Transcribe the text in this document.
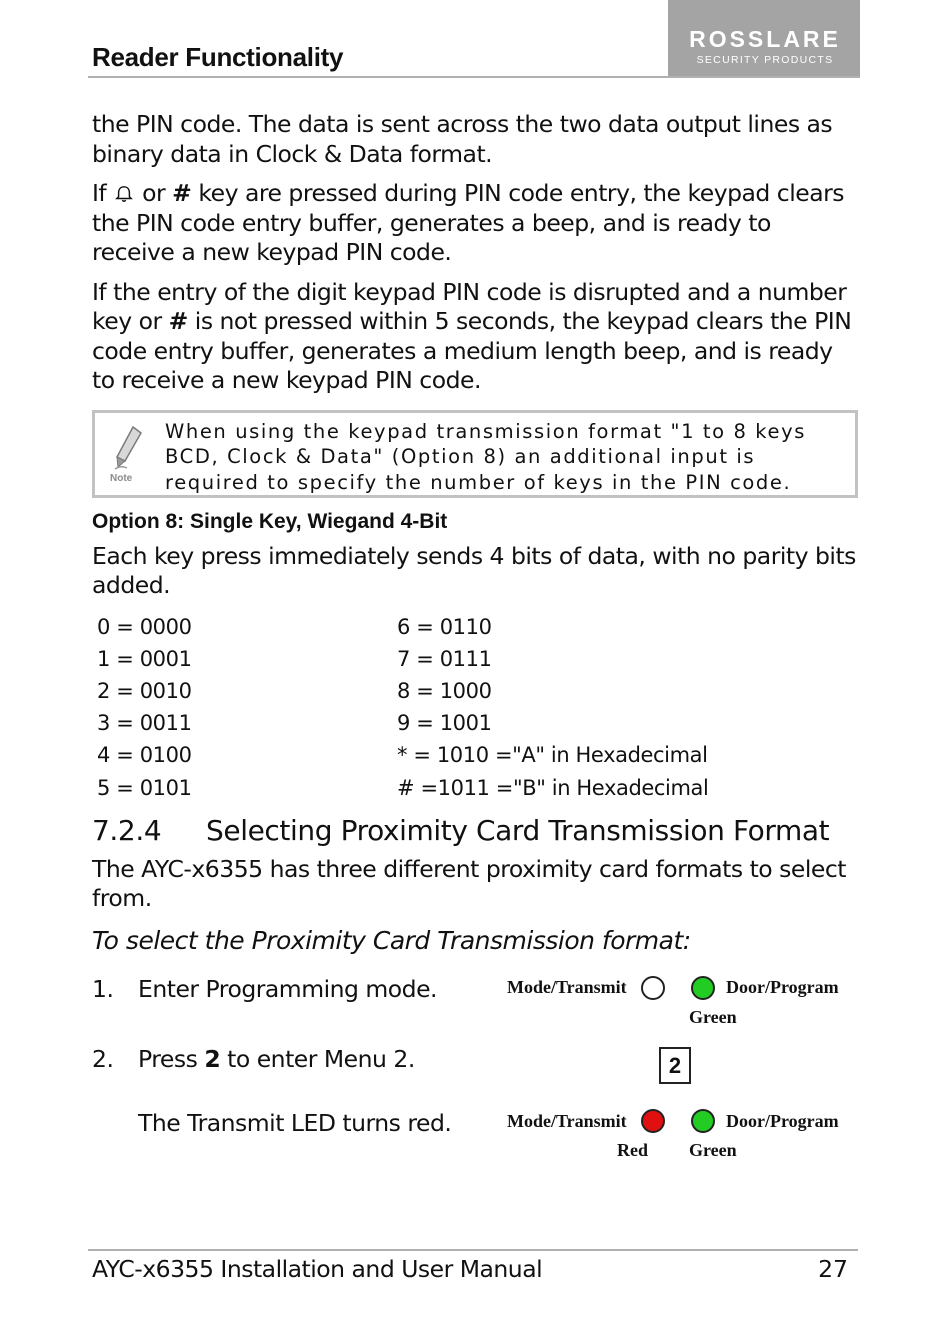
Reader Functionality
ROSSLARE
SECURITY PRODUCTS

the PIN code. The data is sent across the two data output lines as binary data in Clock & Data format.

If  or # key are pressed during PIN code entry, the keypad clears the PIN code entry buffer, generates a beep, and is ready to receive a new keypad PIN code.

If the entry of the digit keypad PIN code is disrupted and a number key or # is not pressed within 5 seconds, the keypad clears the PIN code entry buffer, generates a medium length beep, and is ready to receive a new keypad PIN code.

Note
When using the keypad transmission format "1 to 8 keys BCD, Clock & Data" (Option 8) an additional input is required to specify the number of keys in the PIN code.
Option 8: Single Key, Wiegand 4-Bit

Each key press immediately sends 4 bits of data, with no parity bits added.

0 = 0000	6 = 0110
1 = 0001	7 = 0111
2 = 0010	8 = 1000
3 = 0011	9 = 1001
4 = 0100	* = 1010 ="A" in Hexadecimal
5 = 0101	# =1011 ="B" in Hexadecimal
7.2.4	Selecting Proximity Card Transmission Format

The AYC-x6355 has three different proximity card formats to select from.

To select the Proximity Card Transmission format:
1.	Enter Programming mode.	Mode/Transmit	Door/Program
Green
2.	Press 2 to enter Menu 2.	2
The Transmit LED turns red.	Mode/Transmit	Door/Program
Red Green
AYC-x6355 Installation and User Manual	27
